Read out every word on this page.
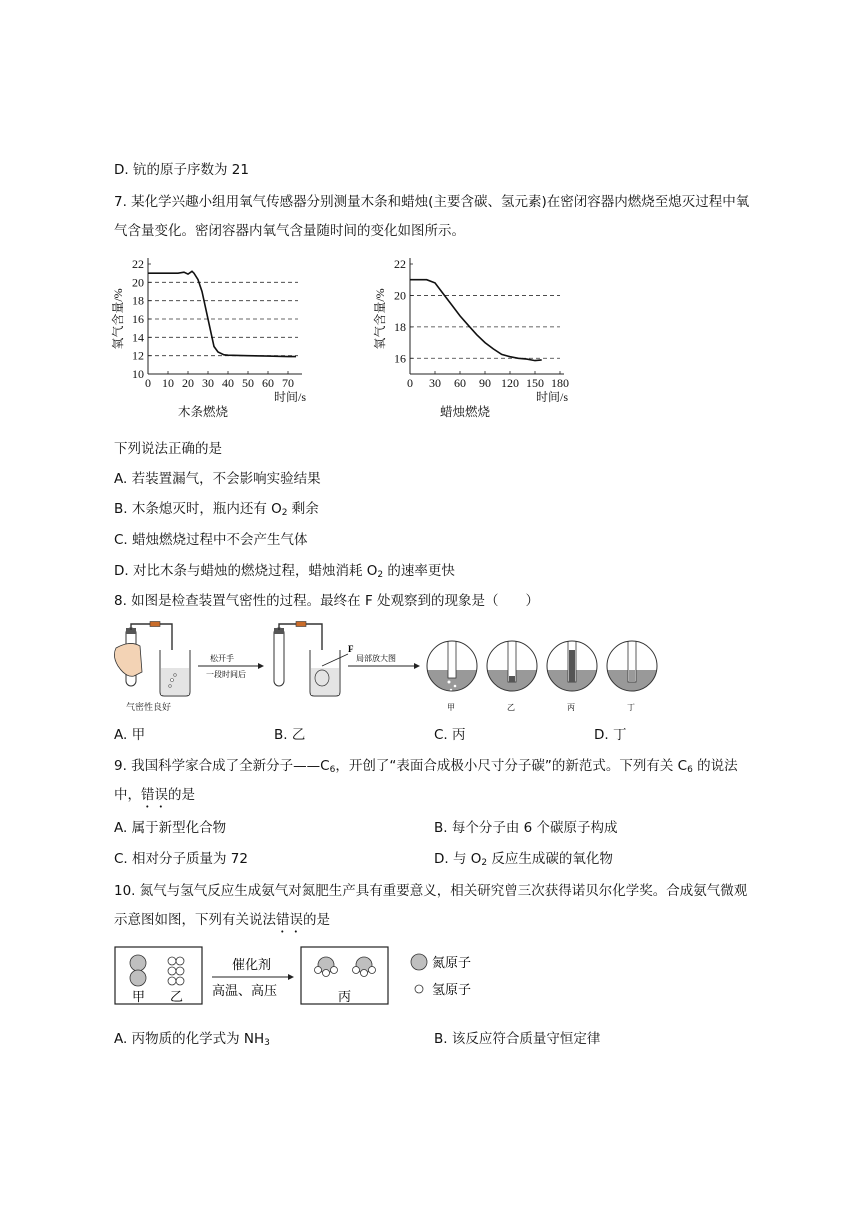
D. 钪的原子序数为 21
7. 某化学兴趣小组用氧气传感器分别测量木条和蜡烛(主要含碳、氢元素)在密闭容器内燃烧至熄灭过程中氧
气含量变化。密闭容器内氧气含量随时间的变化如图所示。
10
12
14
16
18
20
22
0 10 20 30 40 50 60 70
氧气含量/%
时间/s
木条燃烧
16
18
20
22
0 30 60 90 120 150 180
氧气含量/%
时间/s
蜡烛燃烧
下列说法正确的是
A. 若装置漏气，不会影响实验结果
B. 木条熄灭时，瓶内还有 $O_2$ 剩余
C. 蜡烛燃烧过程中不会产生气体
D. 对比木条与蜡烛的燃烧过程，蜡烛消耗 $O_2$ 的速率更快
8. 如图是检查装置气密性的过程。最终在 F 处观察到的现象是（　　）
气密性良好
松开手
一段时间后
F
局部放大图
甲	乙	丙	丁
A. 甲	B. 乙	C. 丙	D. 丁
9. 我国科学家合成了全新分子$——C_6$，开创了“表面合成极小尺寸分子碳”的新范式。下列有关 $C_6$ 的说法
中，错误的是
A. 属于新型化合物	B. 每个分子由 6 个碳原子构成
C. 相对分子质量为 72	D. 与 $O_2$ 反应生成碳的氧化物
10. 氮气与氢气反应生成氨气对氮肥生产具有重要意义，相关研究曾三次获得诺贝尔化学奖。合成氨气微观
示意图如图，下列有关说法错误的是
甲 乙
催化剂
高温、高压	丙
氮原子
氢原子
A. 丙物质的化学式为 $NH_3$	B. 该反应符合质量守恒定律
